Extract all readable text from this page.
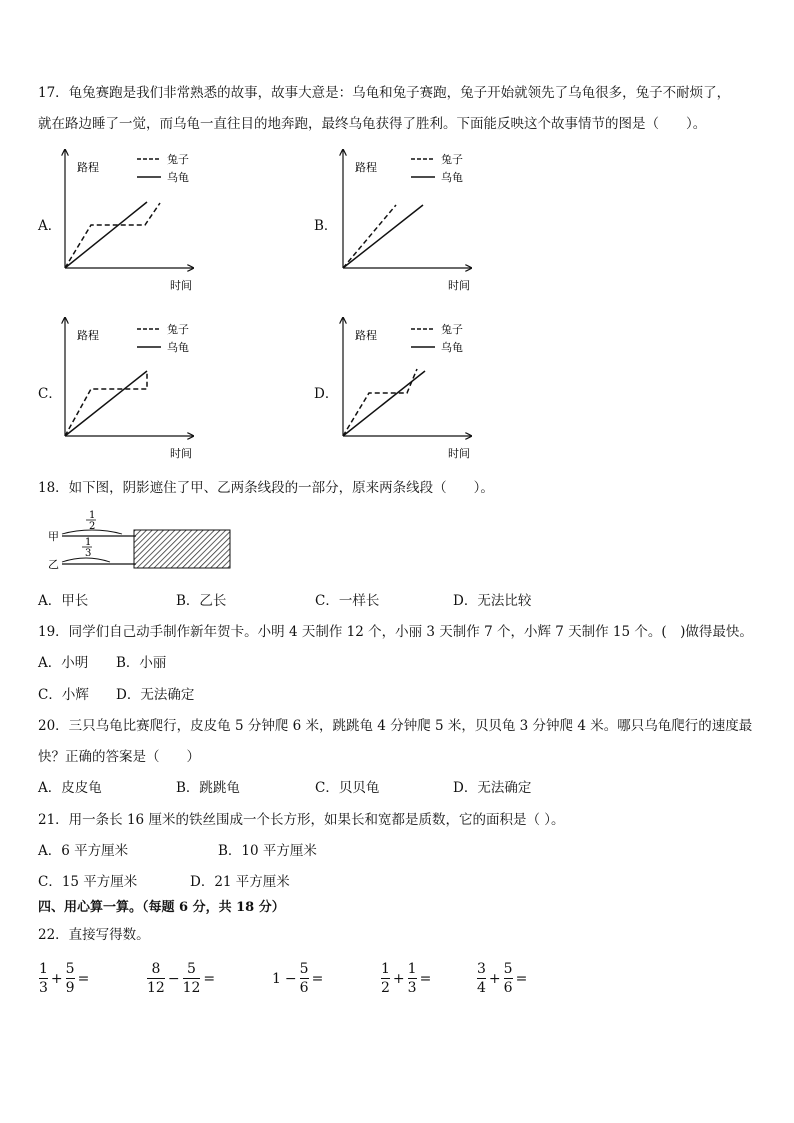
17．龟兔赛跑是我们非常熟悉的故事，故事大意是：乌龟和兔子赛跑，兔子开始就领先了乌龟很多，兔子不耐烦了，
就在路边睡了一觉，而乌龟一直往目的地奔跑，最终乌龟获得了胜利。下面能反映这个故事情节的图是（　　）。
A．
路程
时间
兔子
乌龟
B．
路程
时间
兔子
乌龟
C．
路程
时间
兔子
乌龟
D．
路程
时间
兔子
乌龟
18．如下图，阴影遮住了甲、乙两条线段的一部分，原来两条线段（　　）。
甲
乙
1
2
1
3
A．甲长	B．乙长	C．一样长	D．无法比较
19．同学们自己动手制作新年贺卡。小明 4 天制作 12 个，小丽 3 天制作 7 个，小辉 7 天制作 15 个。(　)做得最快。
A．小明 B．小丽
C．小辉 D．无法确定
20．三只乌龟比赛爬行，皮皮龟 5 分钟爬 6 米，跳跳龟 4 分钟爬 5 米，贝贝龟 3 分钟爬 4 米。哪只乌龟爬行的速度最
快？正确的答案是（　　）
A．皮皮龟	B．跳跳龟	C．贝贝龟	D．无法确定
21．用一条长 16 厘米的铁丝围成一个长方形，如果长和宽都是质数，它的面积是（ ）。
A．6 平方厘米	B．10 平方厘米
C．15 平方厘米	D．21 平方厘米
四、用心算一算。（每题 6 分，共 18 分）
22．直接写得数。
1
3
+
5
9
=
8
12
−
5
12
=	1 −
5
6
=
1
2
+
1
3
=
3
4
+
5
6
=
